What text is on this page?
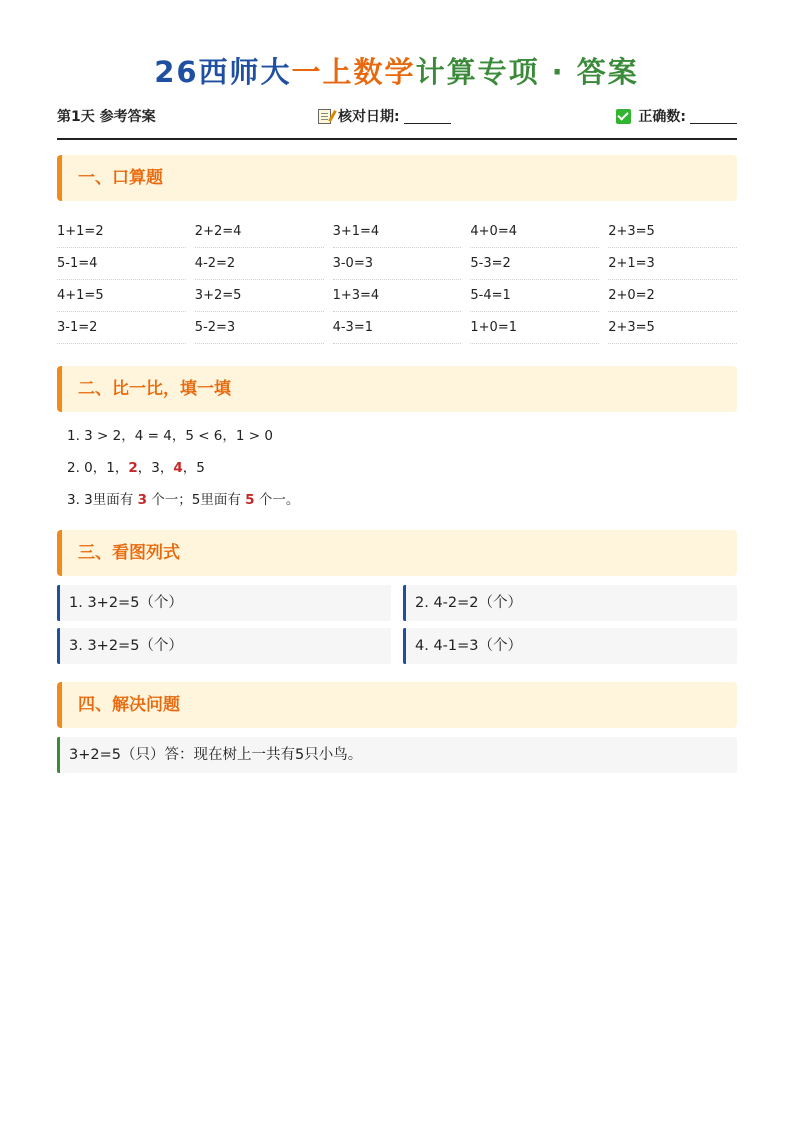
26西师大一上数学计算专项 · 答案
第1天 参考答案	核对日期:	正确数:
一、口算题
1+1=2	2+2=4	3+1=4	4+0=4	2+3=5
5-1=4	4-2=2	3-0=3	5-3=2	2+1=3
4+1=5	3+2=5	1+3=4	5-4=1	2+0=2
3-1=2	5-2=3	4-3=1	1+0=1	2+3=5
二、比一比，填一填
1. 3 > 2，4 = 4，5 < 6，1 > 0
2. 0，1，2，3，4，5
3. 3里面有 3 个一；5里面有 5 个一。
三、看图列式
1. 3+2=5（个）	2. 4-2=2（个）
3. 3+2=5（个）	4. 4-1=3（个）
四、解决问题
3+2=5（只）答：现在树上一共有5只小鸟。
